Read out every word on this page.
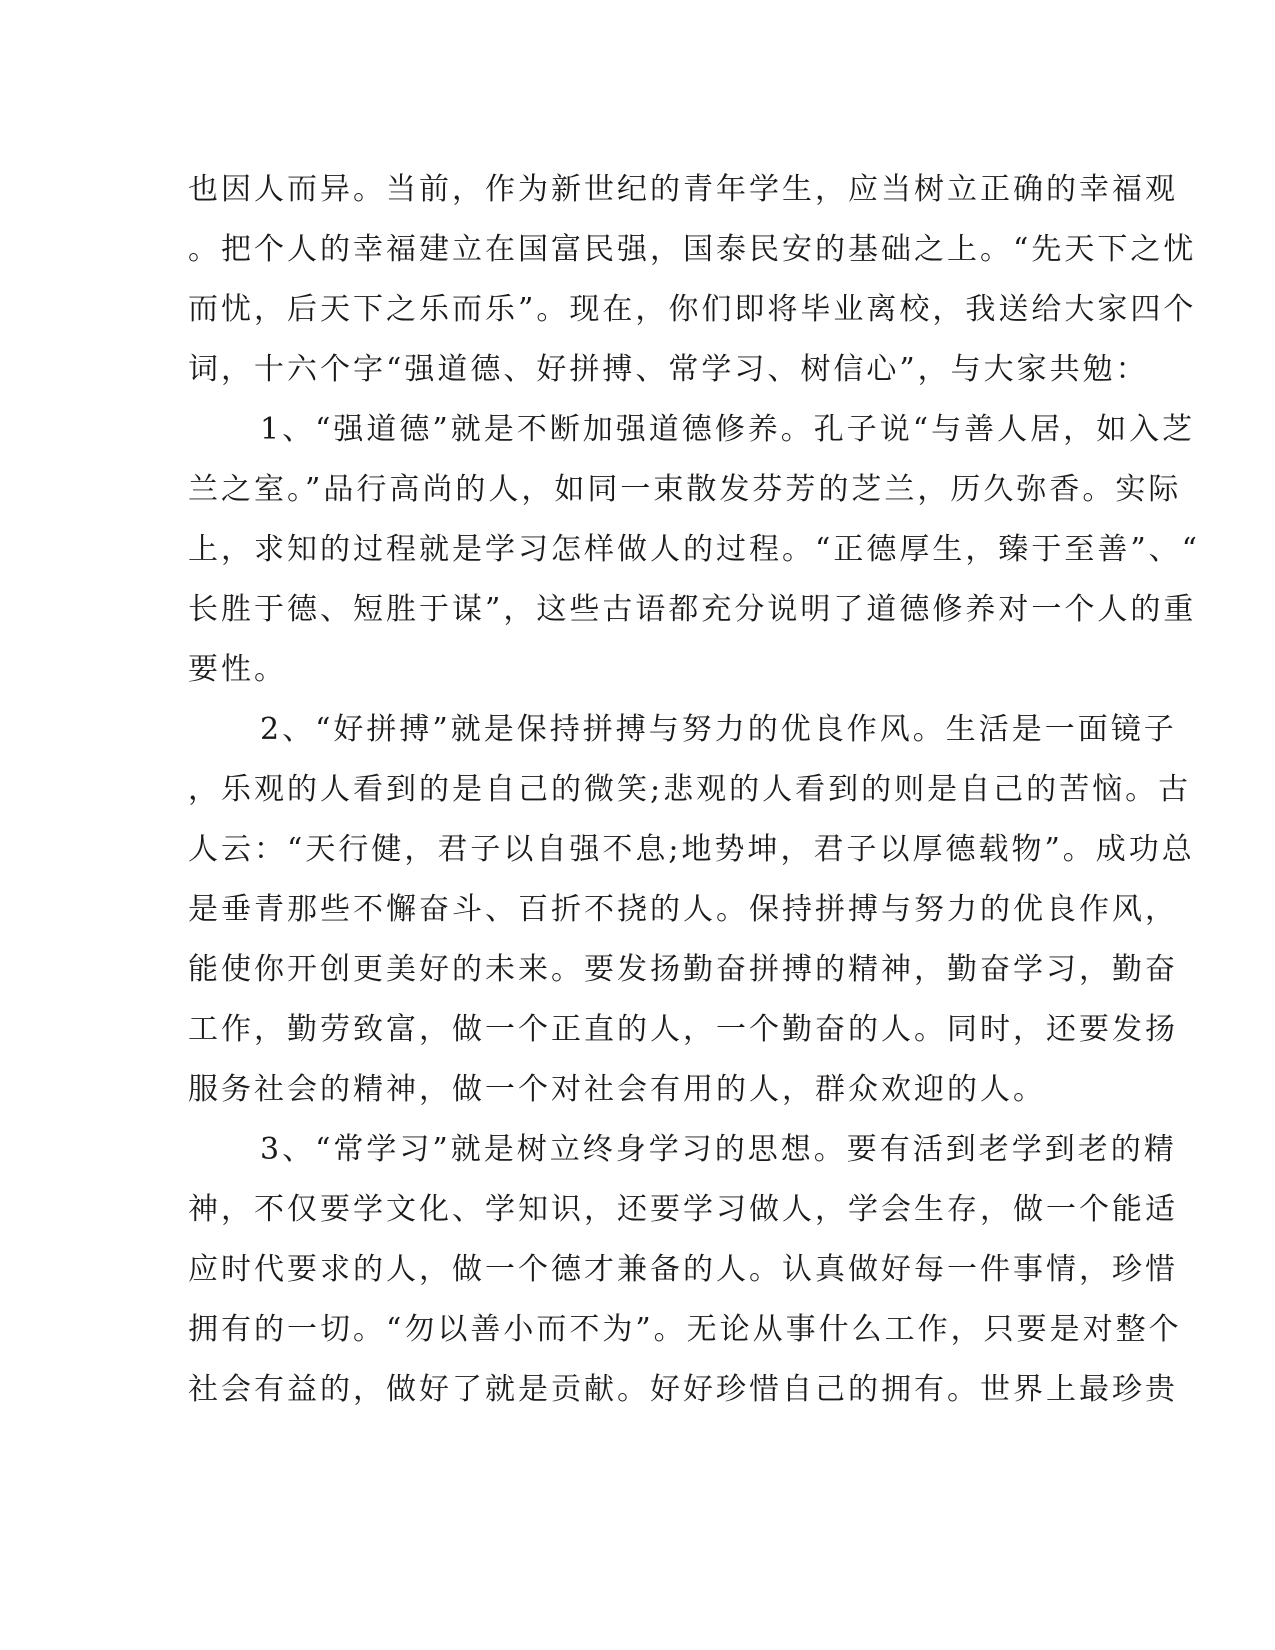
也因人而异。当前，作为新世纪的青年学生，应当树立正确的幸福观
。把个人的幸福建立在国富民强，国泰民安的基础之上。“先天下之忧
而忧，后天下之乐而乐”。现在，你们即将毕业离校，我送给大家四个
词，十六个字“强道德、好拼搏、常学习、树信心”，与大家共勉：
1、“强道德”就是不断加强道德修养。孔子说“与善人居，如入芝
兰之室。”品行高尚的人，如同一束散发芬芳的芝兰，历久弥香。实际
上，求知的过程就是学习怎样做人的过程。“正德厚生，臻于至善”、“
长胜于德、短胜于谋”，这些古语都充分说明了道德修养对一个人的重
要性。
2、“好拼搏”就是保持拼搏与努力的优良作风。生活是一面镜子
，乐观的人看到的是自己的微笑;悲观的人看到的则是自己的苦恼。古
人云：“天行健，君子以自强不息;地势坤，君子以厚德载物”。成功总
是垂青那些不懈奋斗、百折不挠的人。保持拼搏与努力的优良作风，
能使你开创更美好的未来。要发扬勤奋拼搏的精神，勤奋学习，勤奋
工作，勤劳致富，做一个正直的人，一个勤奋的人。同时，还要发扬
服务社会的精神，做一个对社会有用的人，群众欢迎的人。
3、“常学习”就是树立终身学习的思想。要有活到老学到老的精
神，不仅要学文化、学知识，还要学习做人，学会生存，做一个能适
应时代要求的人，做一个德才兼备的人。认真做好每一件事情，珍惜
拥有的一切。“勿以善小而不为”。无论从事什么工作，只要是对整个
社会有益的，做好了就是贡献。好好珍惜自己的拥有。世界上最珍贵
